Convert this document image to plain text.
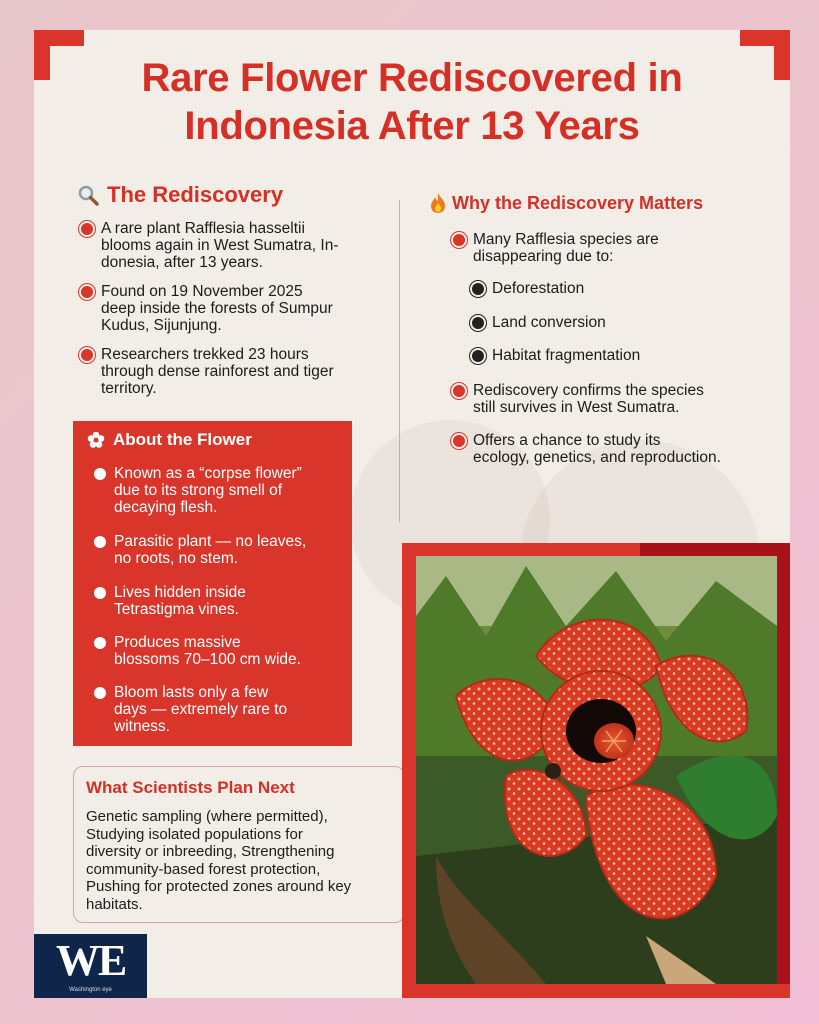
Rare Flower Rediscovered in
Indonesia After 13 Years
The Rediscovery
A rare plant Rafflesia hasseltii
blooms again in West Sumatra, In-
donesia, after 13 years.
Found on 19 November 2025
deep inside the forests of Sumpur
Kudus, Sijunjung.
Researchers trekked 23 hours
through dense rainforest and tiger
territory.
Why the Rediscovery Matters
Many Rafflesia species are
disappearing due to:
Deforestation
Land conversion
Habitat fragmentation
Rediscovery confirms the species
still survives in West Sumatra.
Offers a chance to study its
ecology, genetics, and reproduction.
About the Flower
Known as a “corpse flower”
due to its strong smell of
decaying flesh.
Parasitic plant — no leaves,
no roots, no stem.
Lives hidden inside
Tetrastigma vines.
Produces massive
blossoms 70–100 cm wide.
Bloom lasts only a few
days — extremely rare to
witness.
What Scientists Plan Next
Genetic sampling (where permitted),
Studying isolated populations for
diversity or inbreeding, Strengthening
community-based forest protection,
Pushing for protected zones around key
habitats.
WE
Washington eye
